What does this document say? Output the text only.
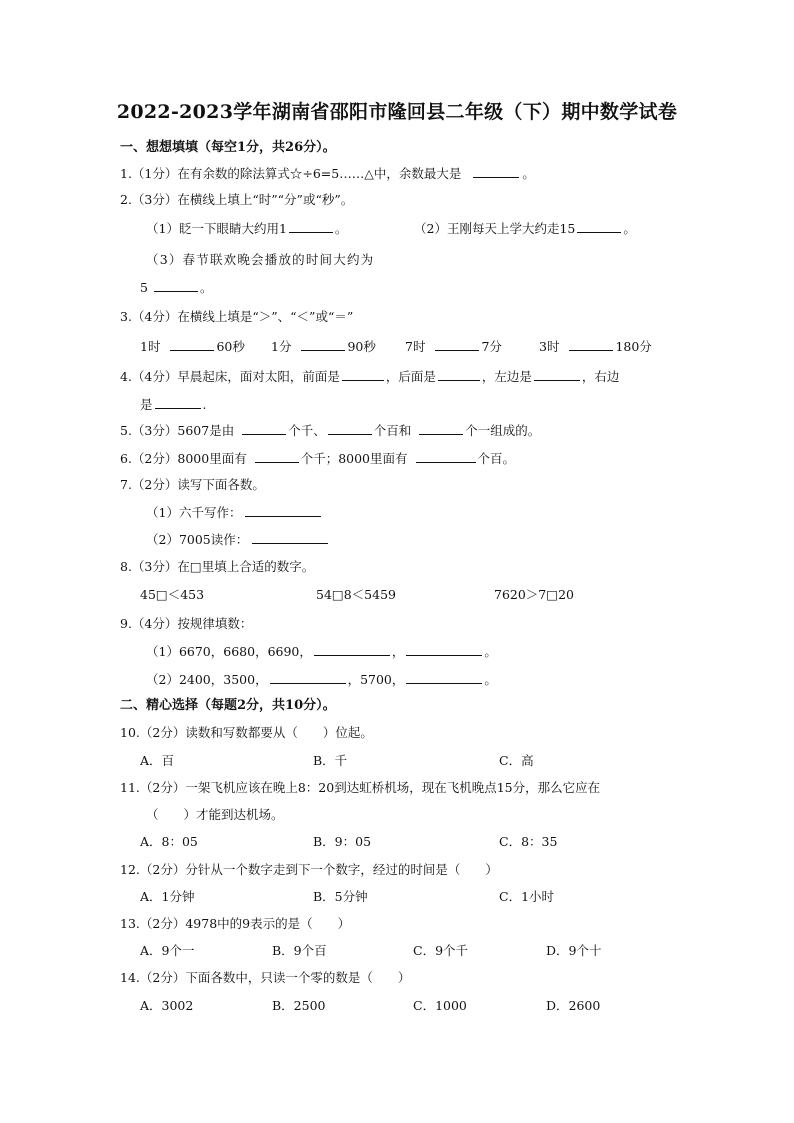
2022-2023学年湖南省邵阳市隆回县二年级（下）期中数学试卷
一、想想填填（每空1分，共26分）。
1.（1分）在有余数的除法算式☆÷6=5……△中，余数最大是	。
2.（3分）在横线上填上“时”“分”或“秒”。
（1）眨一下眼睛大约用1	。	（2）王刚每天上学大约走15	。
（3）春节联欢晚会播放的时间大约为
5	。
3.（4分）在横线上填是“＞”、“＜”或“＝”
1时	60秒 1分	90秒 7时	7分	3时	180分
4.（4分）早晨起床，面对太阳，前面是	，后面是	，左边是	，右边
是	.
5.（3分）5607是由	个千、	个百和	个一组成的。
6.（2分）8000里面有	个千；8000里面有	个百。
7.（2分）读写下面各数。
（1）六千写作：
（2）7005读作：
8.（3分）在□里填上合适的数字。
45□＜453	54□8＜5459	7620＞7□20
9.（4分）按规律填数：
（1）6670，6680，6690，	，	。
（2）2400，3500，	，5700，	。
二、精心选择（每题2分，共10分）。
10.（2分）读数和写数都要从（　　）位起。
A．百	B．千	C．高
11.（2分）一架飞机应该在晚上8：20到达虹桥机场，现在飞机晚点15分，那么它应在
（　　）才能到达机场。
A．8：05	B．9：05	C．8：35
12.（2分）分针从一个数字走到下一个数字，经过的时间是（　　）
A．1分钟	B．5分钟	C．1小时
13.（2分）4978中的9表示的是（　　）
A．9个一	B．9个百	C．9个千	D．9个十
14.（2分）下面各数中，只读一个零的数是（　　）
A．3002	B．2500	C．1000	D．2600
